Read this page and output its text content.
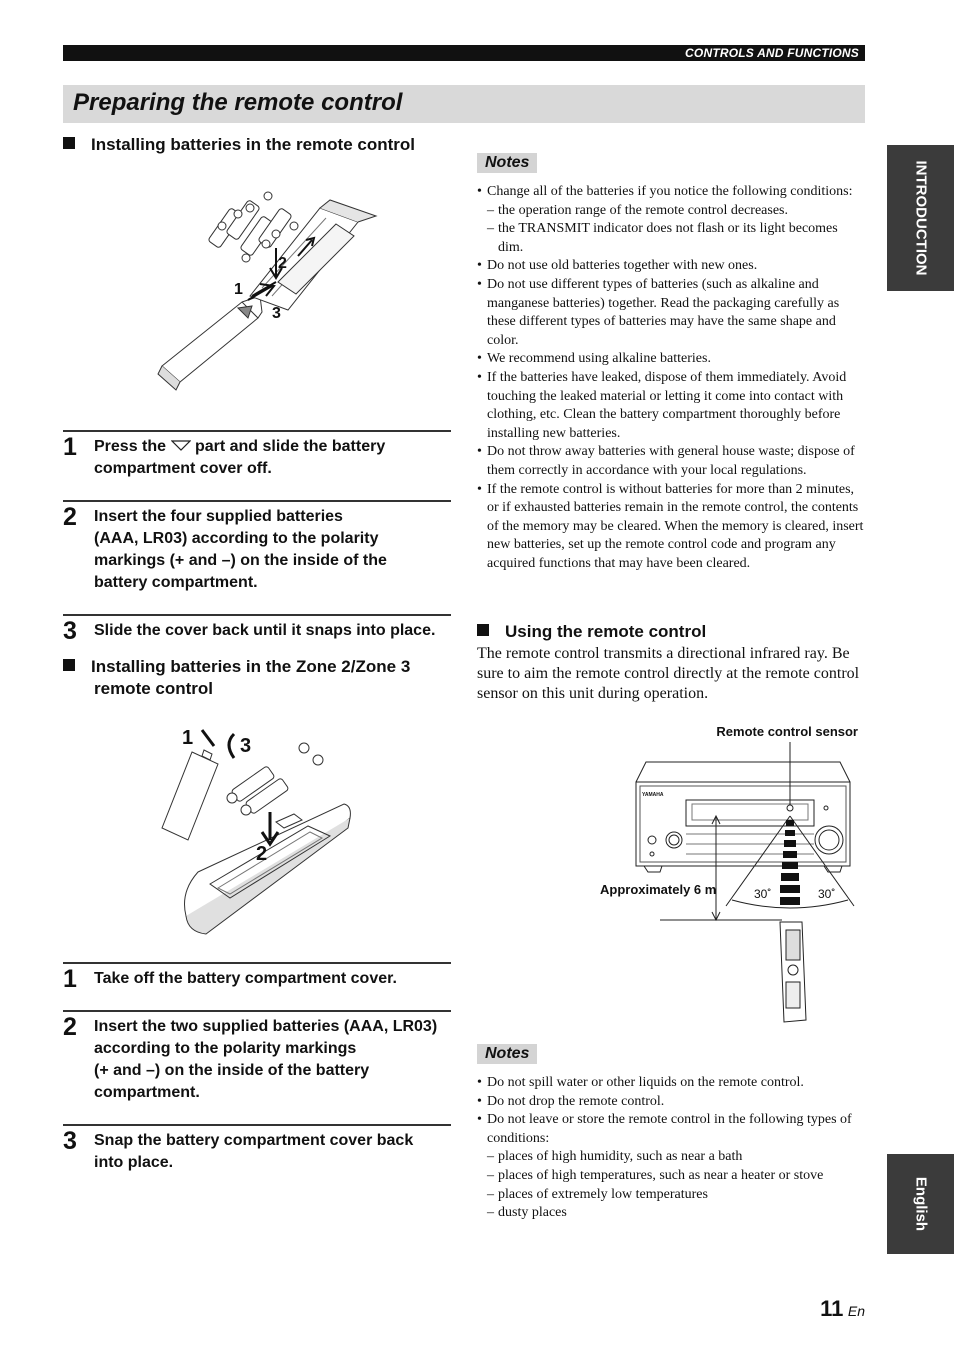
CONTROLS AND FUNCTIONS
Preparing the remote control
Installing batteries in the remote control
1
2
3
1 Press the part and slide the battery
compartment cover off.
2 Insert the four supplied batteries
(AAA, LR03) according to the polarity
markings (+ and –) on the inside of the
battery compartment.
3 Slide the cover back until it snaps into place.
Installing batteries in the Zone 2/Zone 3
remote control
1 3
2
1 Take off the battery compartment cover.
2 Insert the two supplied batteries (AAA, LR03)
according to the polarity markings
(+ and –) on the inside of the battery
compartment.
3 Snap the battery compartment cover back
into place.
Notes
• Change all of the batteries if you notice the following conditions:
– the operation range of the remote control decreases.
– the TRANSMIT indicator does not flash or its light becomes dim.
• Do not use old batteries together with new ones.
• Do not use different types of batteries (such as alkaline and manganese batteries) together. Read the packaging carefully as these different types of batteries may have the same shape and color.
• We recommend using alkaline batteries.
• If the batteries have leaked, dispose of them immediately. Avoid touching the leaked material or letting it come into contact with clothing, etc. Clean the battery compartment thoroughly before installing new batteries.
• Do not throw away batteries with general house waste; dispose of them correctly in accordance with your local regulations.
• If the remote control is without batteries for more than 2 minutes, or if exhausted batteries remain in the remote control, the contents of the memory may be cleared. When the memory is cleared, insert new batteries, set up the remote control code and program any acquired functions that may have been cleared.
Using the remote control
The remote control transmits a directional infrared ray. Be sure to aim the remote control directly at the remote control sensor on this unit during operation.
Remote control sensor
Approximately 6 m	30˚	30˚
YAMAHA
Notes
• Do not spill water or other liquids on the remote control.
• Do not drop the remote control.
• Do not leave or store the remote control in the following types of conditions:
– places of high humidity, such as near a bath
– places of high temperatures, such as near a heater or stove
– places of extremely low temperatures
– dusty places
INTRODUCTION
English
11 En
